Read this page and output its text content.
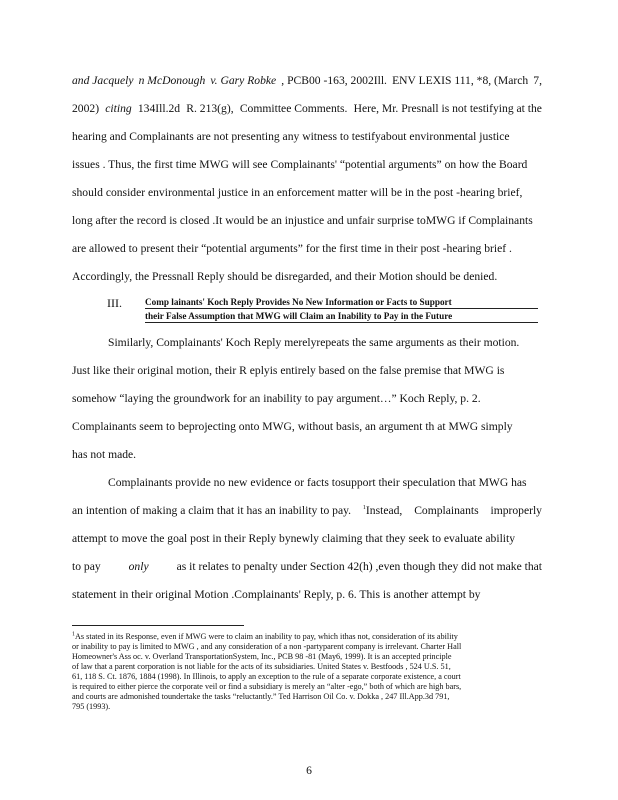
and Jacquely n McDonough v. Gary Robke , PCB00 -163, 2002Ill. ENV LEXIS 111, *8, (March 7,
2002) citing 134Ill.2d R. 213(g), Committee Comments. Here, Mr. Presnall is not testifying at the
hearing and Complainants are not presenting any witness to testifyabout environmental justice
issues . Thus, the first time MWG will see Complainants' “potential arguments” on how the Board
should consider environmental justice in an enforcement matter will be in the post -hearing brief,
long after the record is closed .It would be an injustice and unfair surprise toMWG if Complainants
are allowed to present their “potential arguments” for the first time in their post -hearing brief .
Accordingly, the Pressnall Reply should be disregarded, and their Motion should be denied.
III.	Comp lainants' Koch Reply Provides No New Information or Facts to Support
their False Assumption that MWG will Claim an Inability to Pay in the Future
Similarly, Complainants' Koch Reply merelyrepeats the same arguments as their motion.
Just like their original motion, their R eplyis entirely based on the false premise that MWG is
somehow “laying the groundwork for an inability to pay argument…” Koch Reply, p. 2.
Complainants seem to beprojecting onto MWG, without basis, an argument th at MWG simply
has not made.
Complainants provide no new evidence or facts tosupport their speculation that MWG has
an intention of making a claim that it has an inability to pay. $^1$Instead, Complainants improperly
attempt to move the goal post in their Reply bynewly claiming that they seek to evaluate ability
to pay only as it relates to penalty under Section 42(h) ,even though they did not make that
statement in their original Motion .Complainants' Reply, p. 6. This is another attempt by
$^1$As stated in its Response, even if MWG were to claim an inability to pay, which ithas not, consideration of its ability
or inability to pay is limited to MWG , and any consideration of a non -partyparent company is irrelevant. Charter Hall
Homeowner's Ass oc. v. Overland TransportationSystem, Inc., PCB 98 -81 (May6, 1999). It is an accepted principle
of law that a parent corporation is not liable for the acts of its subsidiaries. United States v. Bestfoods , 524 U.S. 51,
61, 118 S. Ct. 1876, 1884 (1998). In Illinois, to apply an exception to the rule of a separate corporate existence, a court
is required to either pierce the corporate veil or find a subsidiary is merely an “alter -ego,” both of which are high bars,
and courts are admonished toundertake the tasks “reluctantly.” Ted Harrison Oil Co. v. Dokka , 247 Ill.App.3d 791,
795 (1993).
6
